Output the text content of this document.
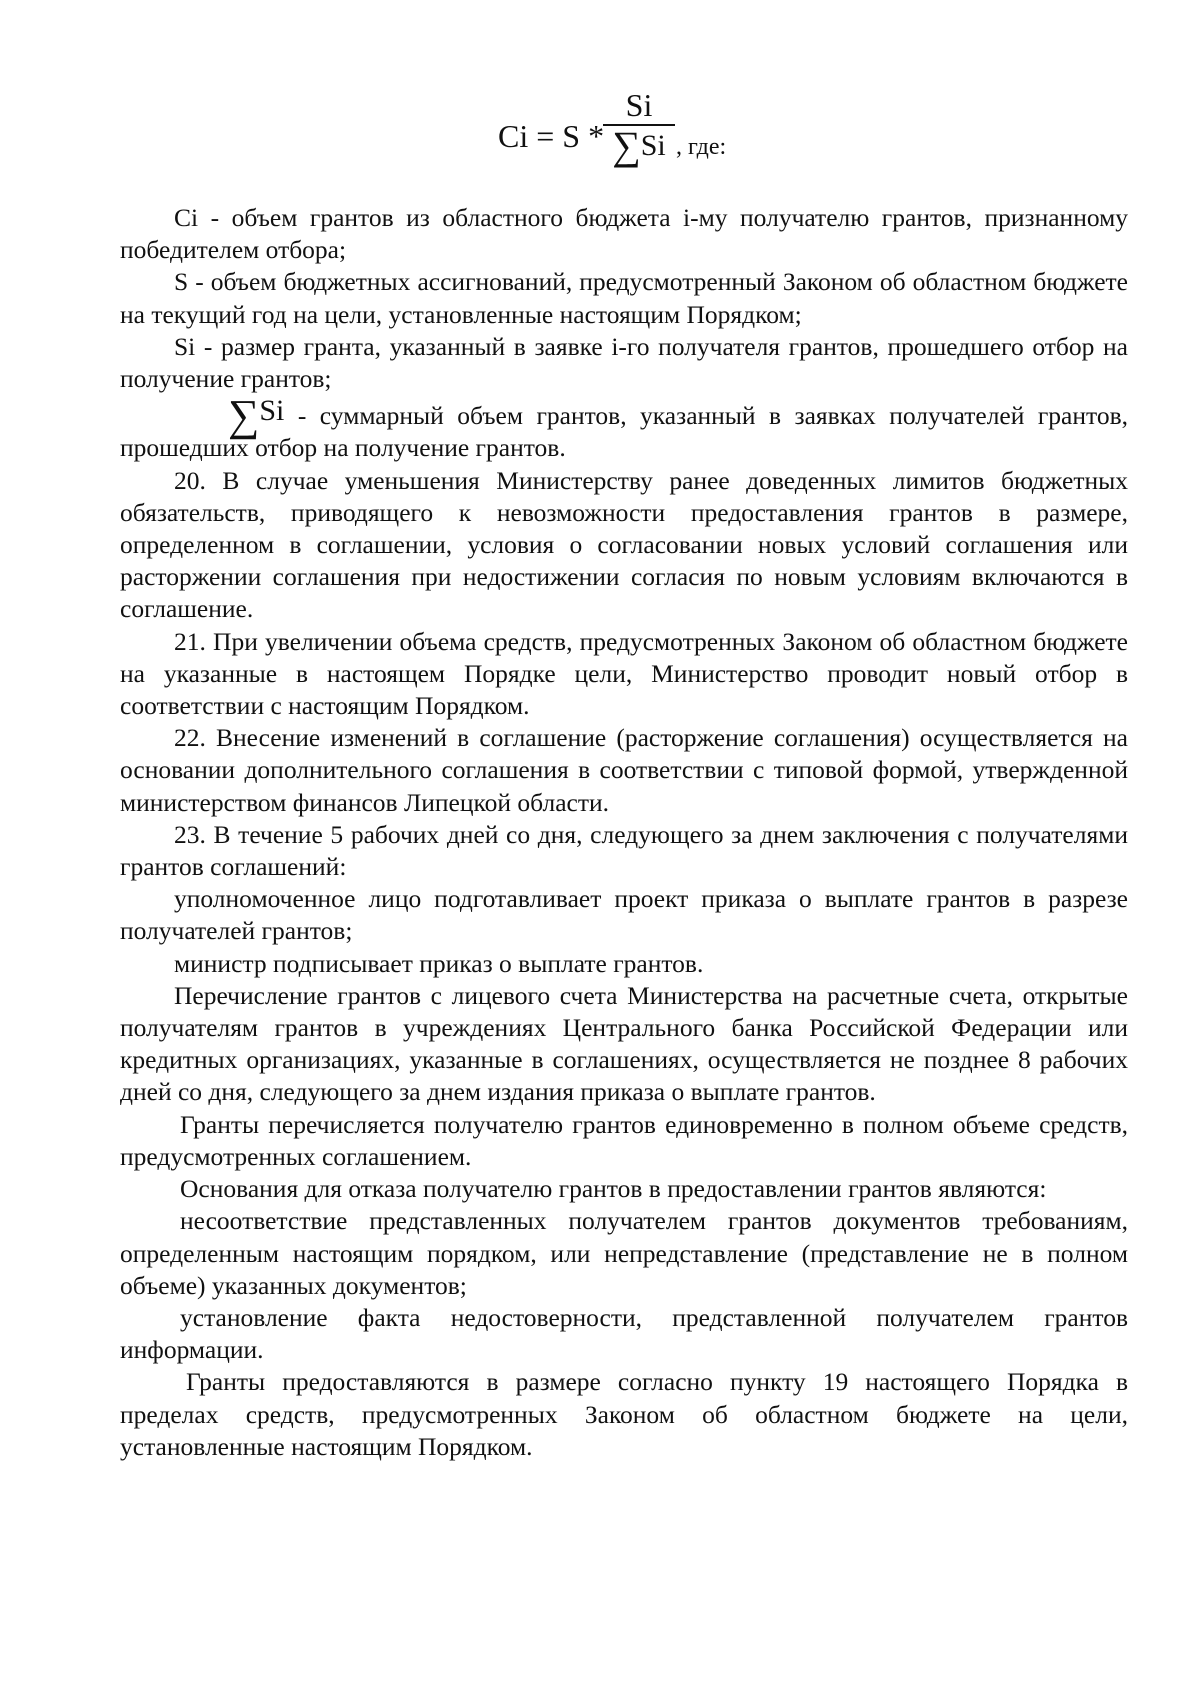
Ci = S *
$\frac{Si}{\sum Si}$ , где:

Ci - объем грантов из областного бюджета i-му получателю грантов, признанному победителем отбора;

S - объем бюджетных ассигнований, предусмотренный Законом об областном бюджете на текущий год на цели, установленные настоящим Порядком;

Si - размер гранта, указанный в заявке i-го получателя грантов, прошедшего отбор на получение грантов;

∑Si - суммарный объем грантов, указанный в заявках получателей грантов, прошедших отбор на получение грантов.

20. В случае уменьшения Министерству ранее доведенных лимитов бюджетных обязательств, приводящего к невозможности предоставления грантов в размере, определенном в соглашении, условия о согласовании новых условий соглашения или расторжении соглашения при недостижении согласия по новым условиям включаются в соглашение.

21. При увеличении объема средств, предусмотренных Законом об областном бюджете на указанные в настоящем Порядке цели, Министерство проводит новый отбор в соответствии с настоящим Порядком.

22. Внесение изменений в соглашение (расторжение соглашения) осуществляется на основании дополнительного соглашения в соответствии с типовой формой, утвержденной министерством финансов Липецкой области.

23. В течение 5 рабочих дней со дня, следующего за днем заключения с получателями грантов соглашений:

уполномоченное лицо подготавливает проект приказа о выплате грантов в разрезе получателей грантов;

министр подписывает приказ о выплате грантов.

Перечисление грантов с лицевого счета Министерства на расчетные счета, открытые получателям грантов в учреждениях Центрального банка Российской Федерации или кредитных организациях, указанные в соглашениях, осуществляется не позднее 8 рабочих дней со дня, следующего за днем издания приказа о выплате грантов.

Гранты перечисляется получателю грантов единовременно в полном объеме средств, предусмотренных соглашением.

Основания для отказа получателю грантов в предоставлении грантов являются:

несоответствие представленных получателем грантов документов требованиям, определенным настоящим порядком, или непредставление (представление не в полном объеме) указанных документов;

установление факта недостоверности, представленной получателем грантов информации.

Гранты предоставляются в размере согласно пункту 19 настоящего Порядка в пределах средств, предусмотренных Законом об областном бюджете на цели, установленные настоящим Порядком.
